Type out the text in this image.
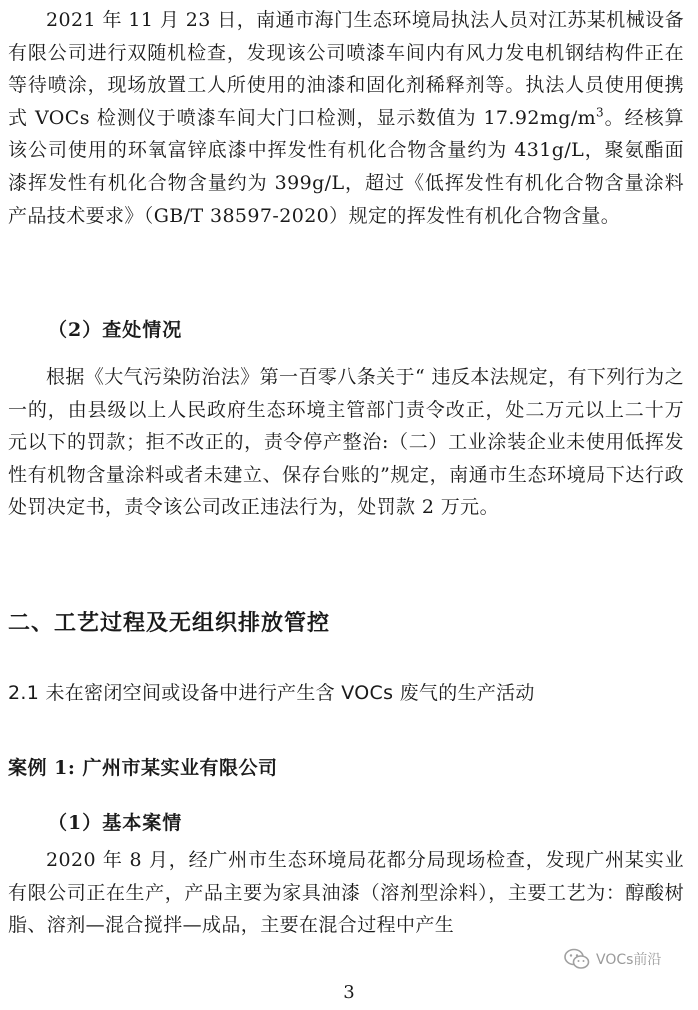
2021 年 11 月 23 日，南通市海门生态环境局执法人员对江苏某机械设备有限公司进行双随机检查，发现该公司喷漆车间内有风力发电机钢结构件正在等待喷涂，现场放置工人所使用的油漆和固化剂稀释剂等。执法人员使用便携式 VOCs 检测仪于喷漆车间大门口检测，显示数值为 $17.92mg/m^3$。经核算该公司使用的环氧富锌底漆中挥发性有机化合物含量约为 431g/L，聚氨酯面漆挥发性有机化合物含量约为 399g/L，超过《低挥发性有机化合物含量涂料产品技术要求》（GB/T 38597-2020）规定的挥发性有机化合物含量。

（2）查处情况

根据《大气污染防治法》第一百零八条关于“ 违反本法规定，有下列行为之一的，由县级以上人民政府生态环境主管部门责令改正，处二万元以上二十万元以下的罚款；拒不改正的，责令停产整治:（二）工业涂装企业未使用低挥发性有机物含量涂料或者未建立、保存台账的”规定，南通市生态环境局下达行政处罚决定书，责令该公司改正违法行为，处罚款 2 万元。

二、工艺过程及无组织排放管控

2.1 未在密闭空间或设备中进行产生含 VOCs 废气的生产活动

案例 1: 广州市某实业有限公司

（1）基本案情

2020 年 8 月，经广州市生态环境局花都分局现场检查，发现广州某实业有限公司正在生产，产品主要为家具油漆（溶剂型涂料），主要工艺为：醇酸树脂、溶剂—混合搅拌—成品，主要在混合过程中产生

VOCs前沿
3
